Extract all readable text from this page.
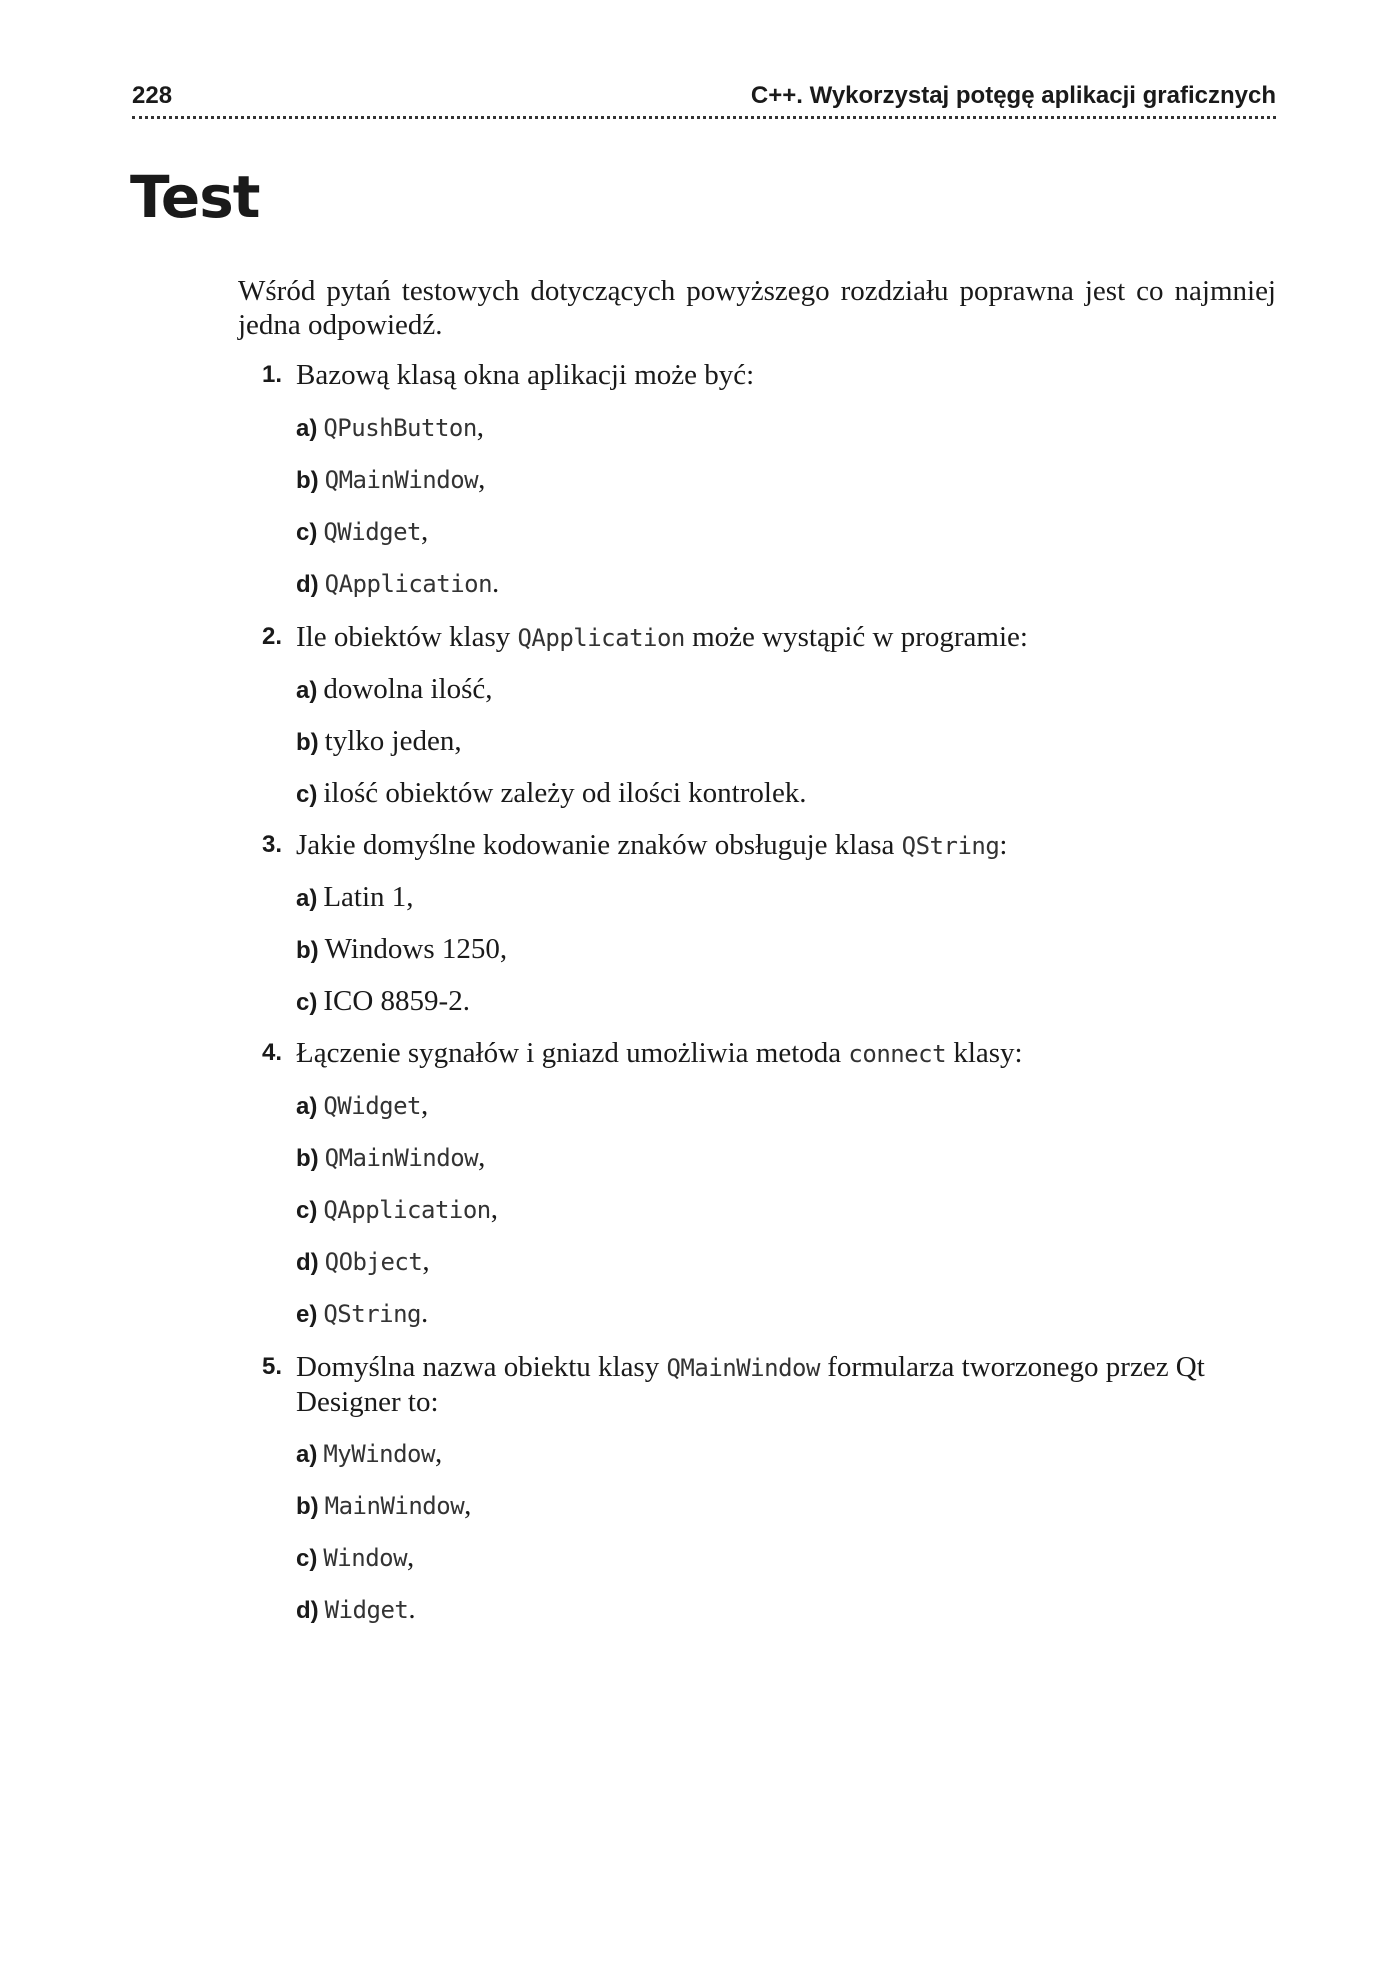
228	C++. Wykorzystaj potęgę aplikacji graficznych
Test

Wśród pytań testowych dotyczących powyższego rozdziału poprawna jest co najmniej jedna odpowiedź.

1. Bazową klasą okna aplikacji może być:
a) QPushButton,
b) QMainWindow,
c) QWidget,
d) QApplication.
2. Ile obiektów klasy QApplication może wystąpić w programie:
a) dowolna ilość,
b) tylko jeden,
c) ilość obiektów zależy od ilości kontrolek.
3. Jakie domyślne kodowanie znaków obsługuje klasa QString:
a) Latin 1,
b) Windows 1250,
c) ICO 8859-2.
4. Łączenie sygnałów i gniazd umożliwia metoda connect klasy:
a) QWidget,
b) QMainWindow,
c) QApplication,
d) QObject,
e) QString.
5. Domyślna nazwa obiektu klasy QMainWindow formularza tworzonego przez Qt Designer to:
a) MyWindow,
b) MainWindow,
c) Window,
d) Widget.
